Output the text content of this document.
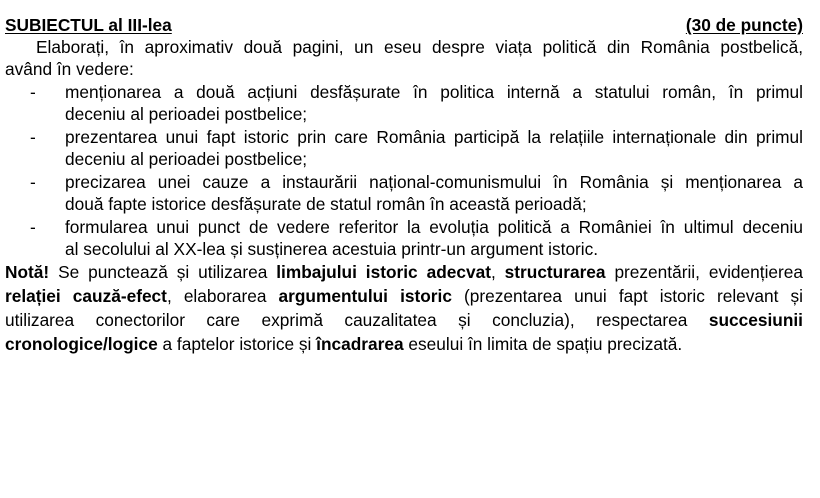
SUBIECTUL al III-lea	(30 de puncte)
Elaborați, în aproximativ două pagini, un eseu despre viața politică din România postbelică,
având în vedere:
- menționarea a două acțiuni desfășurate în politica internă a statului român, în primul
deceniu al perioadei postbelice;
- prezentarea unui fapt istoric prin care România participă la relațiile internaționale din primul
deceniu al perioadei postbelice;
- precizarea unei cauze a instaurării național-comunismului în România și menționarea a
două fapte istorice desfășurate de statul român în această perioadă;
- formularea unui punct de vedere referitor la evoluția politică a României în ultimul deceniu
al secolului al XX-lea și susținerea acestuia printr-un argument istoric.
Notă! Se punctează și utilizarea limbajului istoric adecvat, structurarea prezentării, evidențierea
relației cauză-efect, elaborarea argumentului istoric (prezentarea unui fapt istoric relevant și
utilizarea conectorilor care exprimă cauzalitatea și concluzia), respectarea succesiunii
cronologice/logice a faptelor istorice și încadrarea eseului în limita de spațiu precizată.
